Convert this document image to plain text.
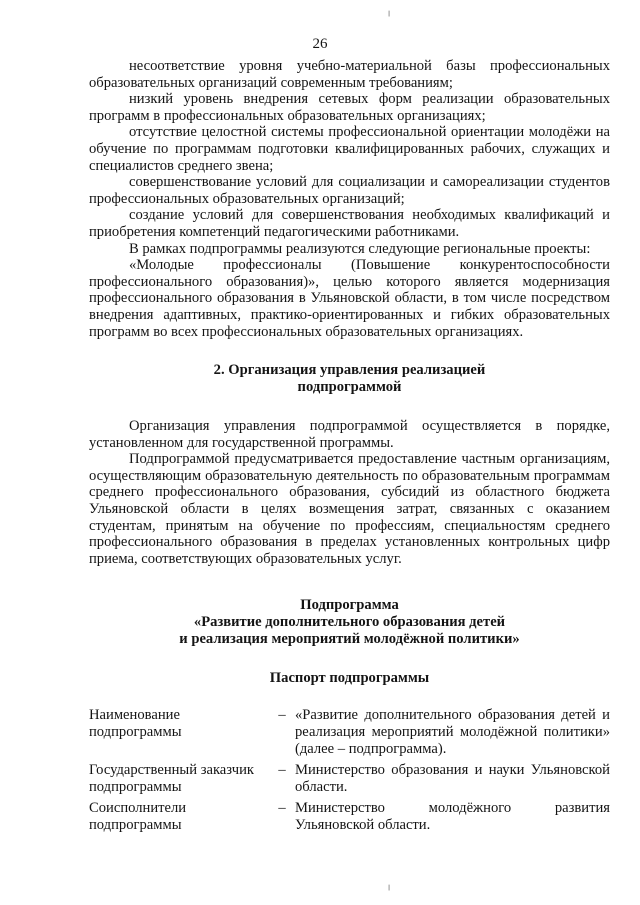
╷
╵
26

несоответствие уровня учебно-материальной базы профессиональных образовательных организаций современным требованиям;

низкий уровень внедрения сетевых форм реализации образовательных программ в профессиональных образовательных организациях;

отсутствие целостной системы профессиональной ориентации молодёжи на обучение по программам подготовки квалифицированных рабочих, служащих и специалистов среднего звена;

совершенствование условий для социализации и самореализации студентов профессиональных образовательных организаций;

создание условий для совершенствования необходимых квалификаций и приобретения компетенций педагогическими работниками.

В рамках подпрограммы реализуются следующие региональные проекты:

«Молодые профессионалы (Повышение конкурентоспособности профессионального образования)», целью которого является модернизация профессионального образования в Ульяновской области, в том числе посредством внедрения адаптивных, практико-ориентированных и гибких образовательных программ во всех профессиональных образовательных организациях.

2. Организация управления реализацией
подпрограммой

Организация управления подпрограммой осуществляется в порядке, установленном для государственной программы.

Подпрограммой предусматривается предоставление частным организациям, осуществляющим образовательную деятельность по образовательным программам среднего профессионального образования, субсидий из областного бюджета Ульяновской области в целях возмещения затрат, связанных с оказанием студентам, принятым на обучение по профессиям, специальностям среднего профессионального образования в пределах установленных контрольных цифр приема, соответствующих образовательных услуг.

Подпрограмма
«Развитие дополнительного образования детей
и реализация мероприятий молодёжной политики»

Паспорт подпрограммы

Наименование подпрограммы
– «Развитие дополнительного образования детей и реализация мероприятий молодёжной политики» (далее – подпрограмма).
Государственный заказчик подпрограммы
– Министерство образования и науки Ульяновской области.
Соисполнители подпрограммы
– Министерство молодёжного развития Ульяновской области.
